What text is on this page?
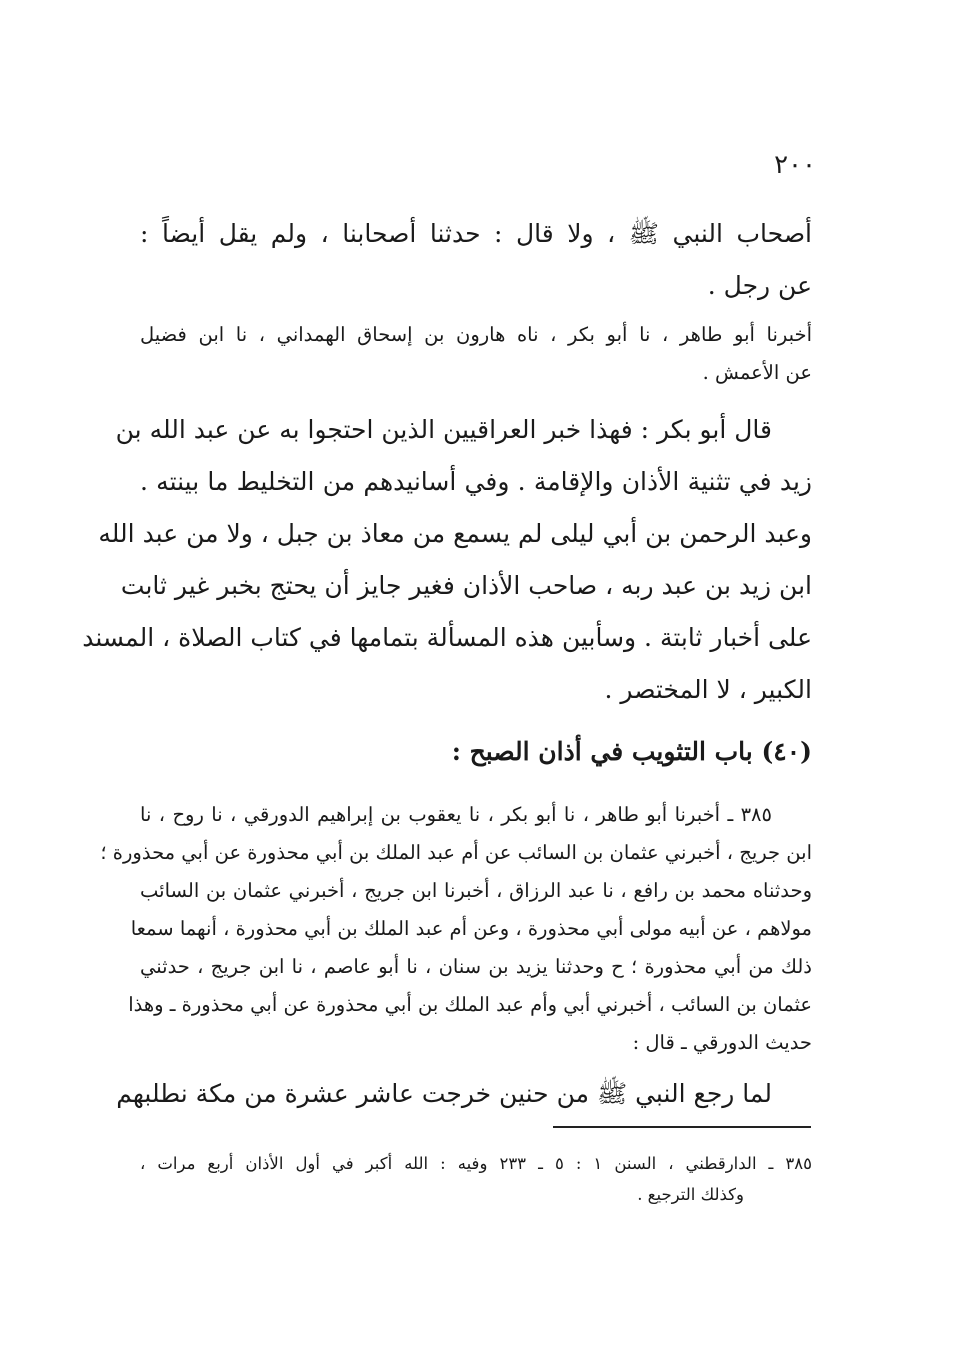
٢٠٠
أصحاب النبي ﷺ ، ولا قال : حدثنا أصحابنا ، ولم يقل أيضاً :
عن رجل .
أخبرنا أبو طاهر ، نا أبو بكر ، ناه هارون بن إسحاق الهمداني ، نا ابن فضيل
عن الأعمش .
قال أبو بكر : فهذا خبر العراقيين الذين احتجوا به عن عبد الله بن
زيد في تثنية الأذان والإقامة . وفي أسانيدهم من التخليط ما بينته .
وعبد الرحمن بن أبي ليلى لم يسمع من معاذ بن جبل ، ولا من عبد الله
ابن زيد بن عبد ربه ، صاحب الأذان فغير جايز أن يحتج بخبر غير ثابت
على أخبار ثابتة . وسأبين هذه المسألة بتمامها في كتاب الصلاة ، المسند
الكبير ، لا المختصر .
(٤٠) باب التثويب في أذان الصبح :
٣٨٥ ـ أخبرنا أبو طاهر ، نا أبو بكر ، نا يعقوب بن إبراهيم الدورقي ، نا روح ، نا
ابن جريج ، أخبرني عثمان بن السائب عن أم عبد الملك بن أبي محذورة عن أبي محذورة ؛
وحدثناه محمد بن رافع ، نا عبد الرزاق ، أخبرنا ابن جريج ، أخبرني عثمان بن السائب
مولاهم ، عن أبيه مولى أبي محذورة ، وعن أم عبد الملك بن أبي محذورة ، أنهما سمعا
ذلك من أبي محذورة ؛ ح وحدثنا يزيد بن سنان ، نا أبو عاصم ، نا ابن جريج ، حدثني
عثمان بن السائب ، أخبرني أبي وأم عبد الملك بن أبي محذورة عن أبي محذورة ـ وهذا
حديث الدورقي ـ قال :
لما رجع النبي ﷺ من حنين خرجت عاشر عشرة من مكة نطلبهم
٣٨٥ ـ الدارقطني ، السنن ١ : ٥ ـ ٢٣٣ وفيه : الله أكبر في أول الأذان أربع مرات ،
وكذلك الترجيع .
